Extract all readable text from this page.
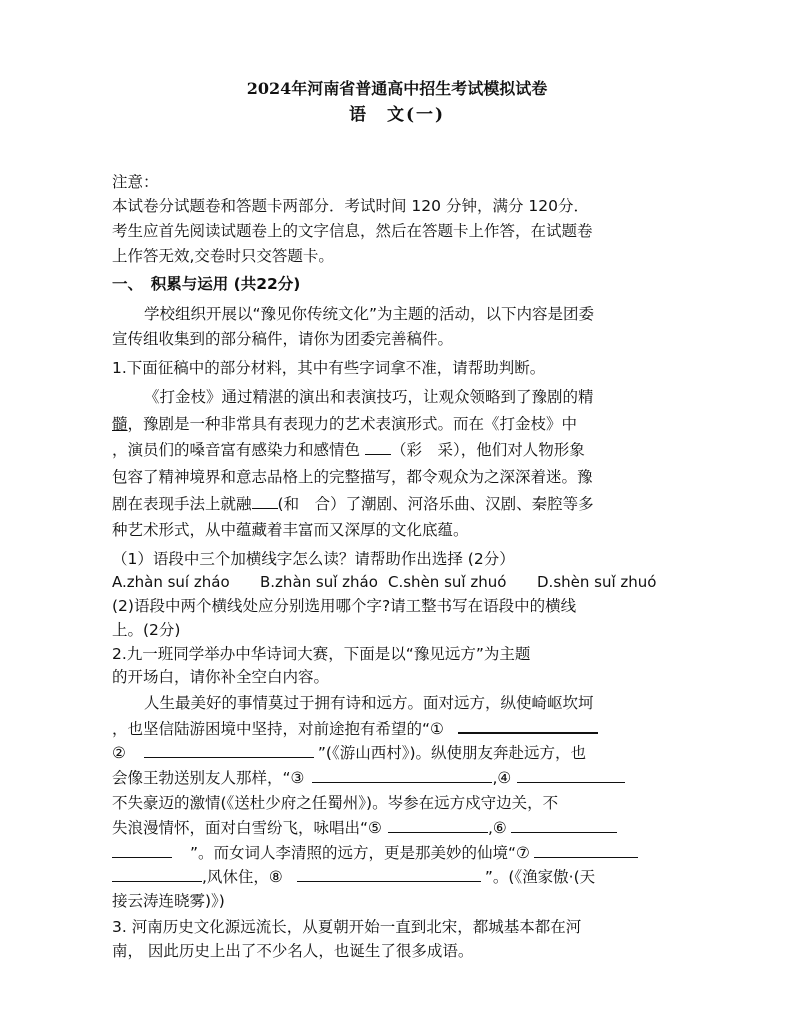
2024年河南省普通高中招生考试模拟试卷
语　文(一)
注意：
本试卷分试题卷和答题卡两部分．考试时间 120 分钟，满分 120分．
考生应首先阅读试题卷上的文字信息，然后在答题卡上作答，在试题卷
上作答无效,交卷时只交答题卡。
一、　积累与运用 (共22分)
学校组织开展以“豫见你传统文化”为主题的活动，以下内容是团委
宣传组收集到的部分稿件，请你为团委完善稿件。
1.下面征稿中的部分材料，其中有些字词拿不准，请帮助判断。
《打金枝》通过精湛的演出和表演技巧，让观众领略到了豫剧的精
髓，豫剧是一种非常具有表现力的艺术表演形式。而在《打金枝》中
，演员们的嗓音富有感染力和感情色 （彩　采），他们对人物形象
包容了精神境界和意志品格上的完整描写，都令观众为之深深着迷。豫
剧在表现手法上就融 (和　合）了潮剧、河洛乐曲、汉剧、秦腔等多
种艺术形式，从中蕴藏着丰富而又深厚的文化底蕴。
（1）语段中三个加横线字怎么读？请帮助作出选择 (2分）
A.zhàn suí zháo B.zhàn suǐ zháo C.shèn suǐ zhuó D.shèn suǐ zhuó
(2)语段中两个横线处应分别选用哪个字?请工整书写在语段中的横线
上。(2分)
2.九一班同学举办中华诗词大赛，下面是以“豫见远方”为主题
的开场白，请你补全空白内容。
人生最美好的事情莫过于拥有诗和远方。面对远方，纵使崎岖坎坷
，也坚信陆游困境中坚持，对前途抱有希望的“①
②	”(《游山西村》)。纵使朋友奔赴远方，也
会像王勃送别友人那样，“③	,④
不失豪迈的激情(《送杜少府之任蜀州》)。岑参在远方戍守边关，不
失浪漫情怀，面对白雪纷飞，咏唱出“⑤	,⑥
”。而女词人李清照的远方，更是那美妙的仙境“⑦
,风休住，⑧	”。(《渔家傲·(天
接云涛连晓雾)》)
3. 河南历史文化源远流长，从夏朝开始一直到北宋，都城基本都在河
南， 因此历史上出了不少名人，也诞生了很多成语。
